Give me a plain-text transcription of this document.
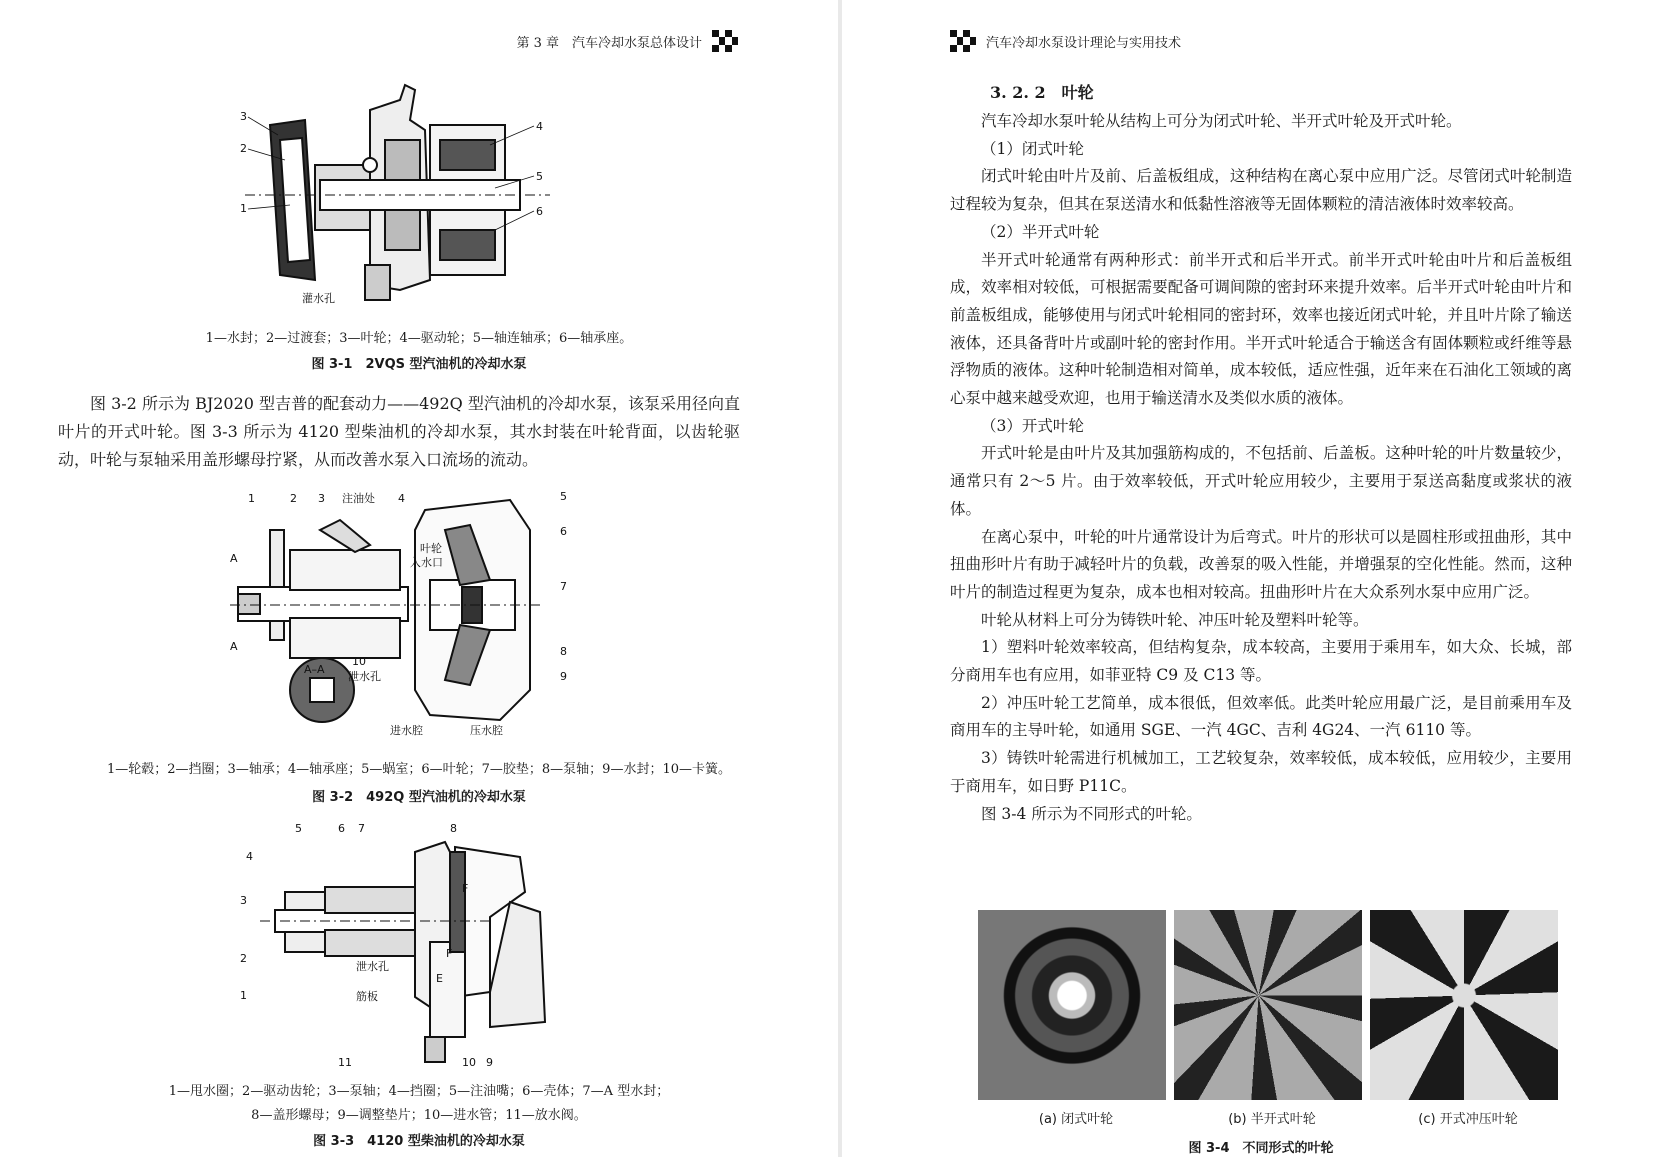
第 3 章　汽车冷却水泵总体设计
3
2
1
4
5
6
灌水孔
1—水封；2—过渡套；3—叶轮；4—驱动轮；5—轴连轴承；6—轴承座。
图 3-1　2VQS 型汽油机的冷却水泵
图 3-2 所示为 BJ2020 型吉普的配套动力——492Q 型汽油机的冷却水泵，该泵采用径向直叶片的开式叶轮。图 3-3 所示为 4120 型柴油机的冷却水泵，其水封装在叶轮背面，以齿轮驱动，叶轮与泵轴采用盖形螺母拧紧，从而改善水泵入口流场的流动。
1	2 3 注油处 4	5
6
7
8
9
10
叶轮
入水口
泄水孔
进水腔	压水腔
A
A
A–A
1—轮毂；2—挡圈；3—轴承；4—轴承座；5—蜗室；6—叶轮；7—胶垫；8—泵轴；9—水封；10—卡簧。
图 3-2　492Q 型汽油机的冷却水泵
5	6 7	8
4
3
2
1
11	10 9
泄水孔
筋板
F
F
E
1—甩水圈；2—驱动齿轮；3—泵轴；4—挡圈；5—注油嘴；6—壳体；7—A 型水封；
8—盖形螺母；9—调整垫片；10—进水管；11—放水阀。
图 3-3　4120 型柴油机的冷却水泵
汽车冷却水泵设计理论与实用技术
3. 2. 2　叶轮

汽车冷却水泵叶轮从结构上可分为闭式叶轮、半开式叶轮及开式叶轮。

（1）闭式叶轮

闭式叶轮由叶片及前、后盖板组成，这种结构在离心泵中应用广泛。尽管闭式叶轮制造过程较为复杂，但其在泵送清水和低黏性溶液等无固体颗粒的清洁液体时效率较高。

（2）半开式叶轮

半开式叶轮通常有两种形式：前半开式和后半开式。前半开式叶轮由叶片和后盖板组成，效率相对较低，可根据需要配备可调间隙的密封环来提升效率。后半开式叶轮由叶片和前盖板组成，能够使用与闭式叶轮相同的密封环，效率也接近闭式叶轮，并且叶片除了输送液体，还具备背叶片或副叶轮的密封作用。半开式叶轮适合于输送含有固体颗粒或纤维等悬浮物质的液体。这种叶轮制造相对简单，成本较低，适应性强，近年来在石油化工领域的离心泵中越来越受欢迎，也用于输送清水及类似水质的液体。

（3）开式叶轮

开式叶轮是由叶片及其加强筋构成的，不包括前、后盖板。这种叶轮的叶片数量较少，通常只有 2～5 片。由于效率较低，开式叶轮应用较少，主要用于泵送高黏度或浆状的液体。

在离心泵中，叶轮的叶片通常设计为后弯式。叶片的形状可以是圆柱形或扭曲形，其中扭曲形叶片有助于减轻叶片的负载，改善泵的吸入性能，并增强泵的空化性能。然而，这种叶片的制造过程更为复杂，成本也相对较高。扭曲形叶片在大众系列水泵中应用广泛。

叶轮从材料上可分为铸铁叶轮、冲压叶轮及塑料叶轮等。

1）塑料叶轮效率较高，但结构复杂，成本较高，主要用于乘用车，如大众、长城，部分商用车也有应用，如菲亚特 C9 及 C13 等。

2）冲压叶轮工艺简单，成本很低，但效率低。此类叶轮应用最广泛，是目前乘用车及商用车的主导叶轮，如通用 SGE、一汽 4GC、吉利 4G24、一汽 6110 等。

3）铸铁叶轮需进行机械加工，工艺较复杂，效率较低，成本较低，应用较少，主要用于商用车，如日野 P11C。

图 3-4 所示为不同形式的叶轮。

(a) 闭式叶轮	(b) 半开式叶轮	(c) 开式冲压叶轮
图 3-4　不同形式的叶轮
